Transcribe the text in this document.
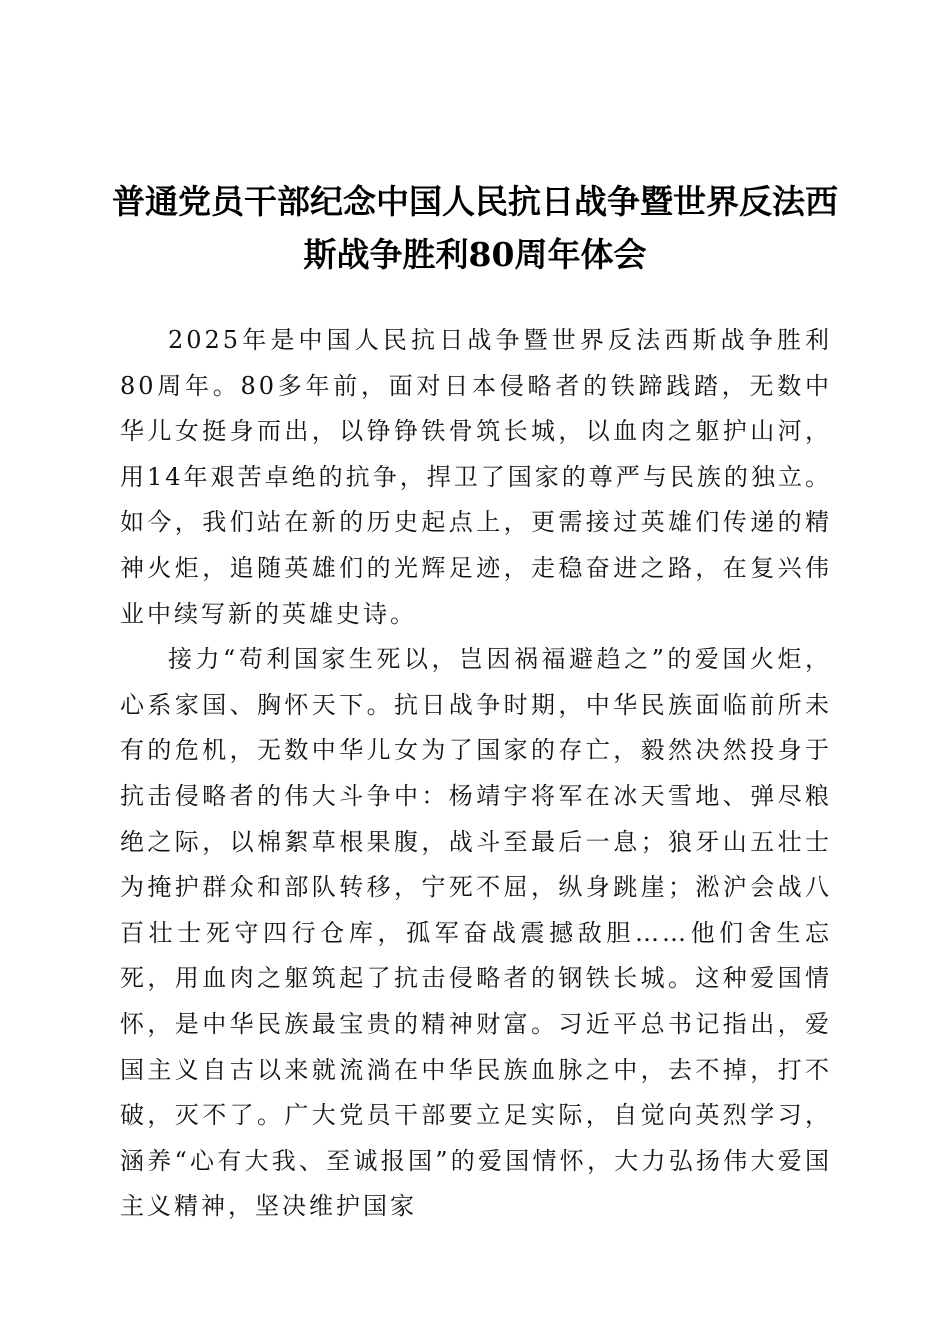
普通党员干部纪念中国人民抗日战争暨世界反法西斯战争胜利80周年体会

2025年是中国人民抗日战争暨世界反法西斯战争胜利80周年。80多年前，面对日本侵略者的铁蹄践踏，无数中华儿女挺身而出，以铮铮铁骨筑长城，以血肉之躯护山河，用14年艰苦卓绝的抗争，捍卫了国家的尊严与民族的独立。如今，我们站在新的历史起点上，更需接过英雄们传递的精神火炬，追随英雄们的光辉足迹，走稳奋进之路，在复兴伟业中续写新的英雄史诗。

接力“苟利国家生死以，岂因祸福避趋之”的爱国火炬，心系家国、胸怀天下。抗日战争时期，中华民族面临前所未有的危机，无数中华儿女为了国家的存亡，毅然决然投身于抗击侵略者的伟大斗争中：杨靖宇将军在冰天雪地、弹尽粮绝之际，以棉絮草根果腹，战斗至最后一息；狼牙山五壮士为掩护群众和部队转移，宁死不屈，纵身跳崖；淞沪会战八百壮士死守四行仓库，孤军奋战震撼敌胆……他们舍生忘死，用血肉之躯筑起了抗击侵略者的钢铁长城。这种爱国情怀，是中华民族最宝贵的精神财富。习近平总书记指出，爱国主义自古以来就流淌在中华民族血脉之中，去不掉，打不破，灭不了。广大党员干部要立足实际，自觉向英烈学习，涵养“心有大我、至诚报国”的爱国情怀，大力弘扬伟大爱国主义精神，坚决维护国家
